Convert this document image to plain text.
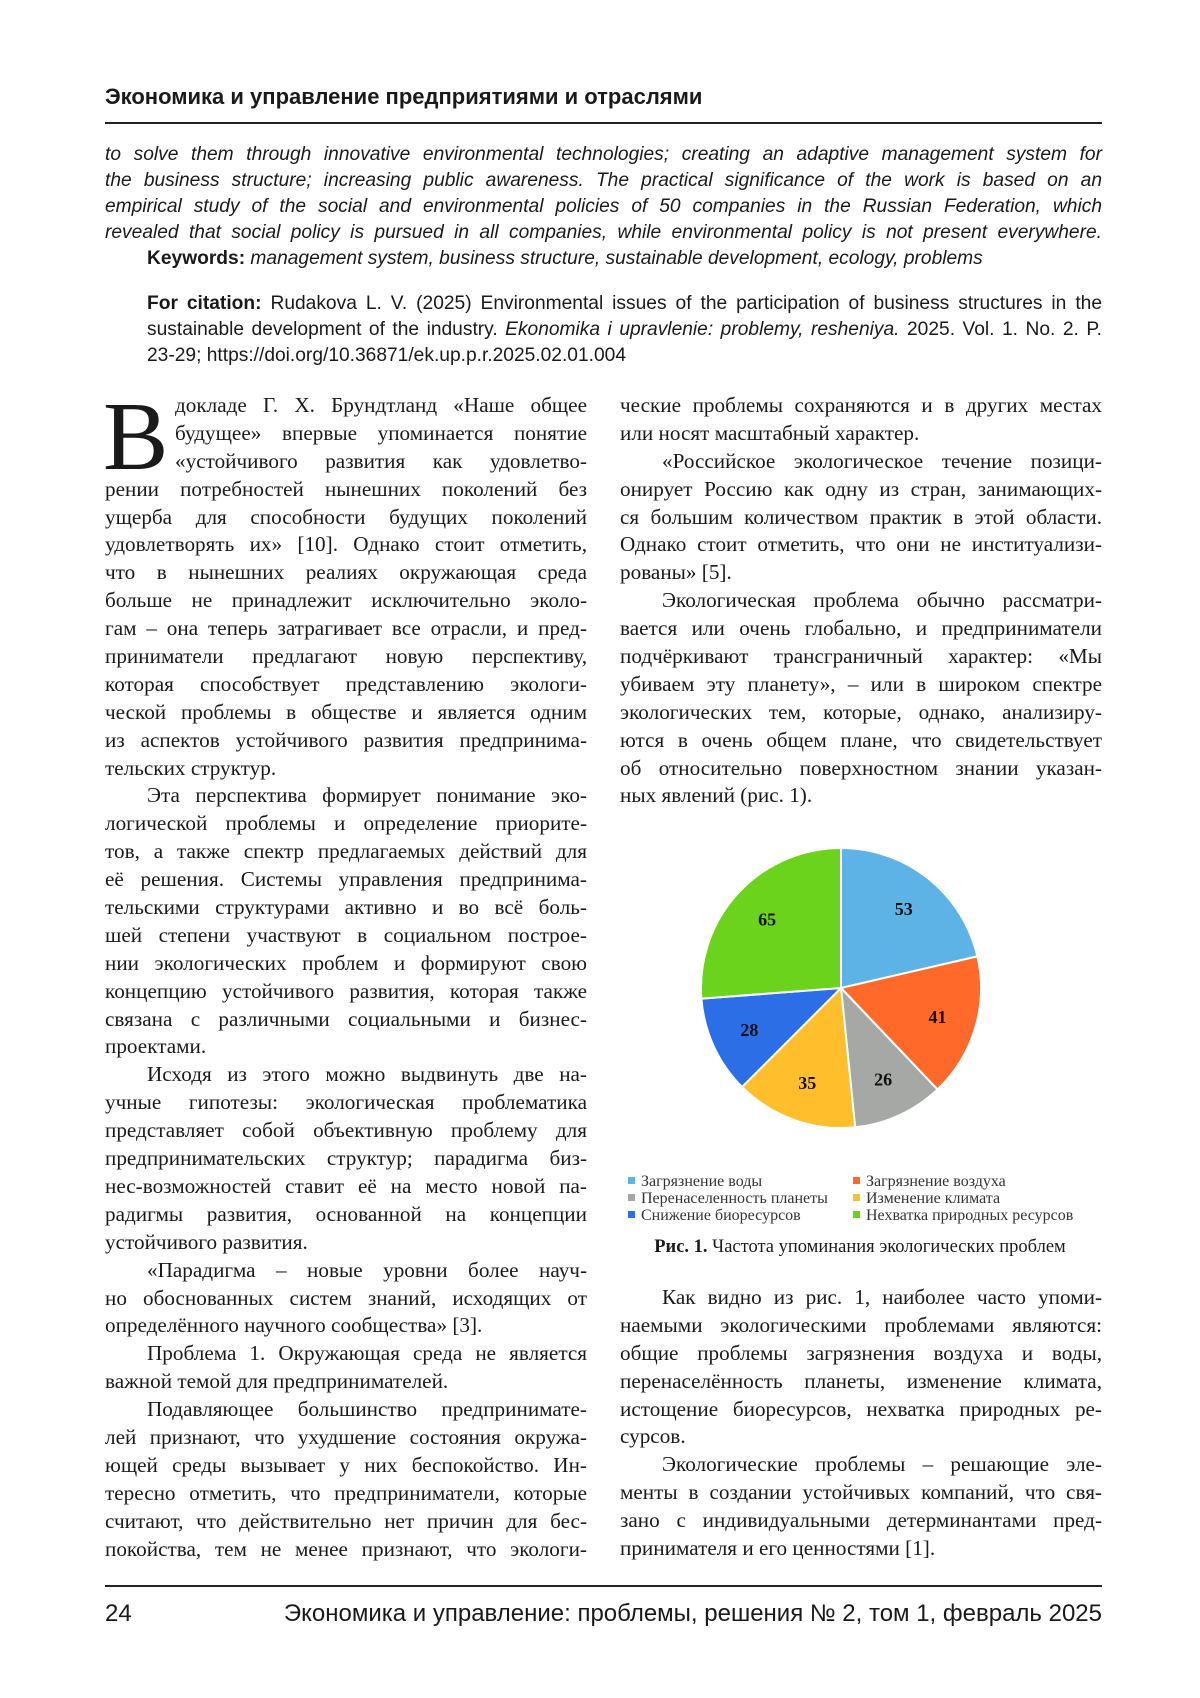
Экономика и управление предприятиями и отраслями
to solve them through innovative environmental technologies; creating an adaptive management system for
the business structure; increasing public awareness. The practical significance of the work is based on an
empirical study of the social and environmental policies of 50 companies in the Russian Federation, which
revealed that social policy is pursued in all companies, while environmental policy is not present everywhere.
Keywords: management system, business structure, sustainable development, ecology, problems
For citation: Rudakova L. V. (2025) Environmental issues of the participation of business structures in the sustainable development of the industry. Ekonomika i upravlenie: problemy, resheniya. 2025. Vol. 1. No. 2. P. 23-29; https://doi.org/10.36871/ek.up.p.r.2025.02.01.004
В докладе Г. Х. Брундтланд «Наше общее
будущее» впервые упоминается понятие
«устойчивого развития как удовлетво-
рении потребностей нынешних поколений без
ущерба для способности будущих поколений
удовлетворять их» [10]. Однако стоит отметить,
что в нынешних реалиях окружающая среда
больше не принадлежит исключительно эколо-
гам – она теперь затрагивает все отрасли, и пред-
приниматели предлагают новую перспективу,
которая способствует представлению экологи-
ческой проблемы в обществе и является одним
из аспектов устойчивого развития предпринима-
тельских структур.
Эта перспектива формирует понимание эко-
логической проблемы и определение приорите-
тов, а также спектр предлагаемых действий для
её решения. Системы управления предпринима-
тельскими структурами активно и во всё боль-
шей степени участвуют в социальном построе-
нии экологических проблем и формируют свою
концепцию устойчивого развития, которая также
связана с различными социальными и бизнес-
проектами.
Исходя из этого можно выдвинуть две на-
учные гипотезы: экологическая проблематика
представляет собой объективную проблему для
предпринимательских структур; парадигма биз-
нес-возможностей ставит её на место новой па-
радигмы развития, основанной на концепции
устойчивого развития.
«Парадигма – новые уровни более науч-
но обоснованных систем знаний, исходящих от
определённого научного сообщества» [3].
Проблема 1. Окружающая среда не является
важной темой для предпринимателей.
Подавляющее большинство предпринимате-
лей признают, что ухудшение состояния окружа-
ющей среды вызывает у них беспокойство. Ин-
тересно отметить, что предприниматели, которые
считают, что действительно нет причин для бес-
покойства, тем не менее признают, что экологи-
ческие проблемы сохраняются и в других местах
или носят масштабный характер.
«Российское экологическое течение позици-
онирует Россию как одну из стран, занимающих-
ся большим количеством практик в этой области.
Однако стоит отметить, что они не институализи-
рованы» [5].
Экологическая проблема обычно рассматри-
вается или очень глобально, и предприниматели
подчёркивают трансграничный характер: «Мы
убиваем эту планету», – или в широком спектре
экологических тем, которые, однако, анализиру-
ются в очень общем плане, что свидетельствует
об относительно поверхностном знании указан-
ных явлений (рис. 1).
53
41
26
35
28
65
Загрязнение воды	Загрязнение воздуха
Перенаселенность планеты	Изменение климата
Снижение биоресурсов	Нехватка природных ресурсов
Рис. 1. Частота упоминания экологических проблем
Как видно из рис. 1, наиболее часто упоми-
наемыми экологическими проблемами являются:
общие проблемы загрязнения воздуха и воды,
перенаселённость планеты, изменение климата,
истощение биоресурсов, нехватка природных ре-
сурсов.
Экологические проблемы – решающие эле-
менты в создании устойчивых компаний, что свя-
зано с индивидуальными детерминантами пред-
принимателя и его ценностями [1].
24	Экономика и управление: проблемы, решения № 2, том 1, февраль 2025
